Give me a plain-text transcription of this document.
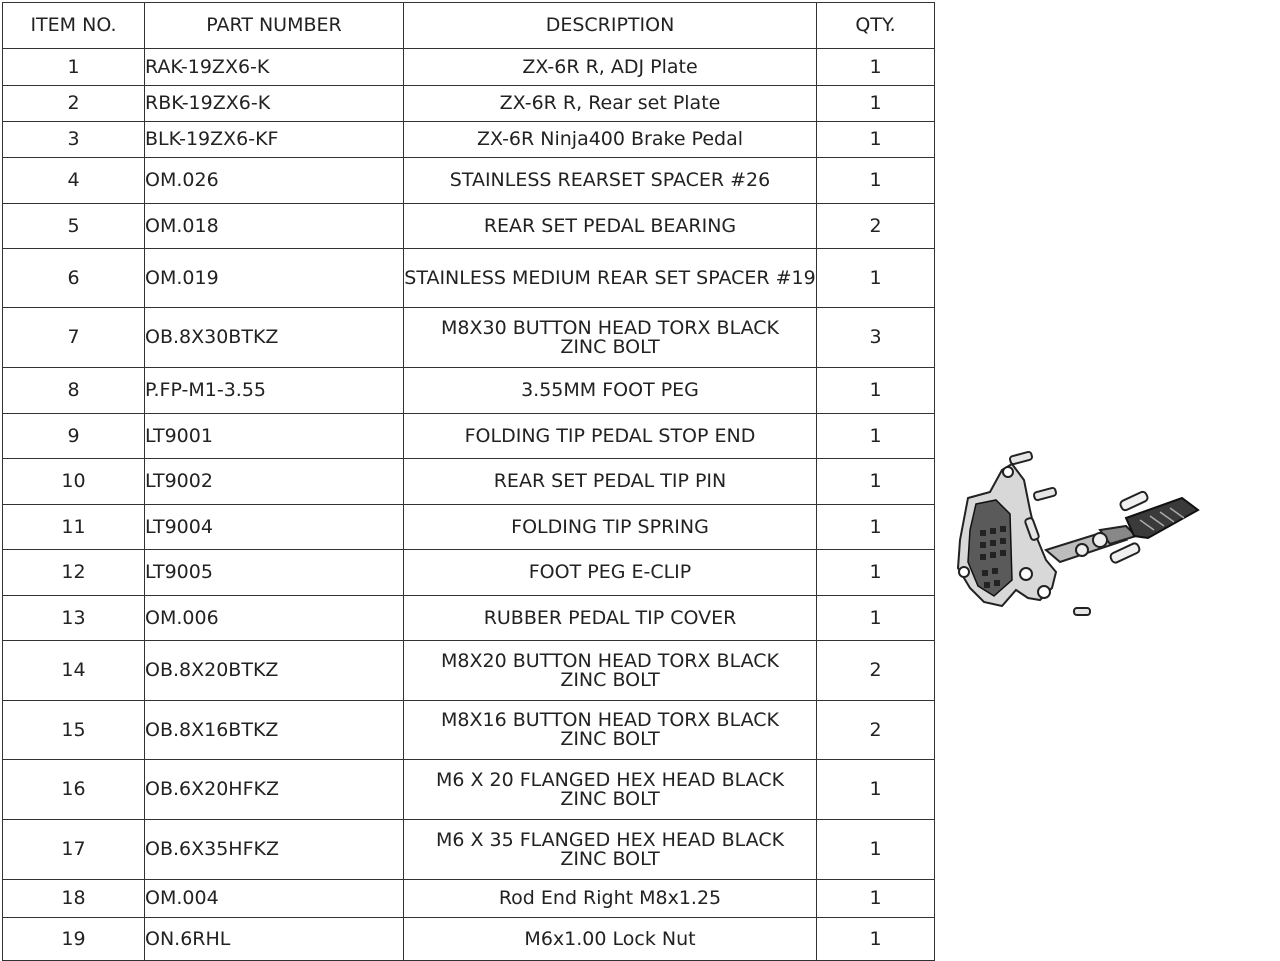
ITEM NO.	PART NUMBER	DESCRIPTION	QTY.
1	RAK-19ZX6-K	ZX-6R R, ADJ Plate	1
2	RBK-19ZX6-K	ZX-6R R, Rear set Plate	1
3	BLK-19ZX6-KF	ZX-6R Ninja400 Brake Pedal	1
4	OM.026	STAINLESS REARSET SPACER #26	1
5	OM.018	REAR SET PEDAL BEARING	2
6	OM.019	STAINLESS MEDIUM REAR SET SPACER #19	1
7	OB.8X30BTKZ	M8X30 BUTTON HEAD TORX BLACK ZINC BOLT	3
8	P.FP-M1-3.55	3.55MM FOOT PEG	1
9	LT9001	FOLDING TIP PEDAL STOP END	1
10	LT9002	REAR SET PEDAL TIP PIN	1
11	LT9004	FOLDING TIP SPRING	1
12	LT9005	FOOT PEG E-CLIP	1
13	OM.006	RUBBER PEDAL TIP COVER	1
14	OB.8X20BTKZ	M8X20 BUTTON HEAD TORX BLACK ZINC BOLT	2
15	OB.8X16BTKZ	M8X16 BUTTON HEAD TORX BLACK ZINC BOLT	2
16	OB.6X20HFKZ	M6 X 20 FLANGED HEX HEAD BLACK ZINC BOLT	1
17	OB.6X35HFKZ	M6 X 35 FLANGED HEX HEAD BLACK ZINC BOLT	1
18	OM.004	Rod End Right M8x1.25	1
19	ON.6RHL	M6x1.00 Lock Nut	1
